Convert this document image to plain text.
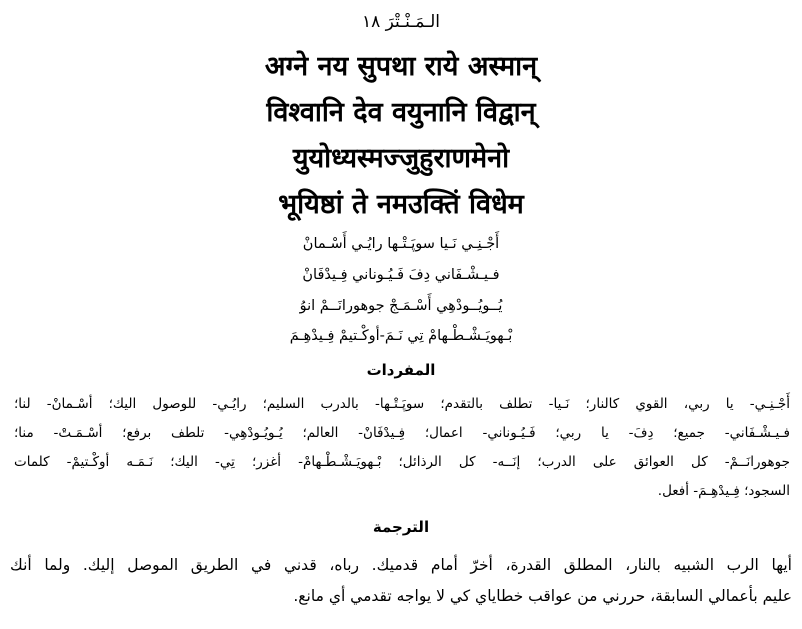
الـمَـنْـتْرَ ١٨
अग्ने नय सुपथा राये अस्मान्
विश्वानि देव वयुनानि विद्वान्
युयोध्यस्मज्जुहुराणमेनो
भूयिष्ठां ते नमउक्तिं विधेम
أَجْـنِـي نَـيا سوپَـتْـها رايُـي أَسْـمانْ
فـيـشْـفَاني دِفَ فَـيُـوناني فِـيدْفَانْ
يُــويُــودْهِي أَسْـمَـجْ جوهورانَــمْ انوُ
بْـهويَـشْـطْـهامْ تِي نَـمَ-أوكْـتيمْ فِـيدْهِـمَ
المفردات
أَجْـنِـي- يا ربي، القوي كالنار؛ نَـيا- تطلف بالتقدم؛ سوپَـتْـها- بالدرب السليم؛ رايُـي- للوصول اليك؛ أسْـمانْ- لنا؛
فـيـشْـفَاني- جميع؛ دِفَ- يا ربي؛ فَـيُـوناني- اعمال؛ فِـيدْفَانْ- العالم؛ يُـويُـودْهِي- تلطف برفع؛ أسْـمَـتْ- منا؛
جوهورانَــمْ- كل العوائق على الدرب؛ إنَــه- كل الرذائل؛ بْـهويَـشْـطْـهامْ- أغزر؛ تِي- اليك؛ نَـمَـه أوكْـتيمْ- كلمات
السجود؛ فِـيدْهِـمَ- أفعل.
الترجمة
أيها الرب الشبيه بالنار، المطلق القدرة، أخرّ أمام قدميك. رباه، قدني في الطريق الموصل إليك. ولما أنك
عليم بأعمالي السابقة، حررني من عواقب خطاياي كي لا يواجه تقدمي أي مانع.
